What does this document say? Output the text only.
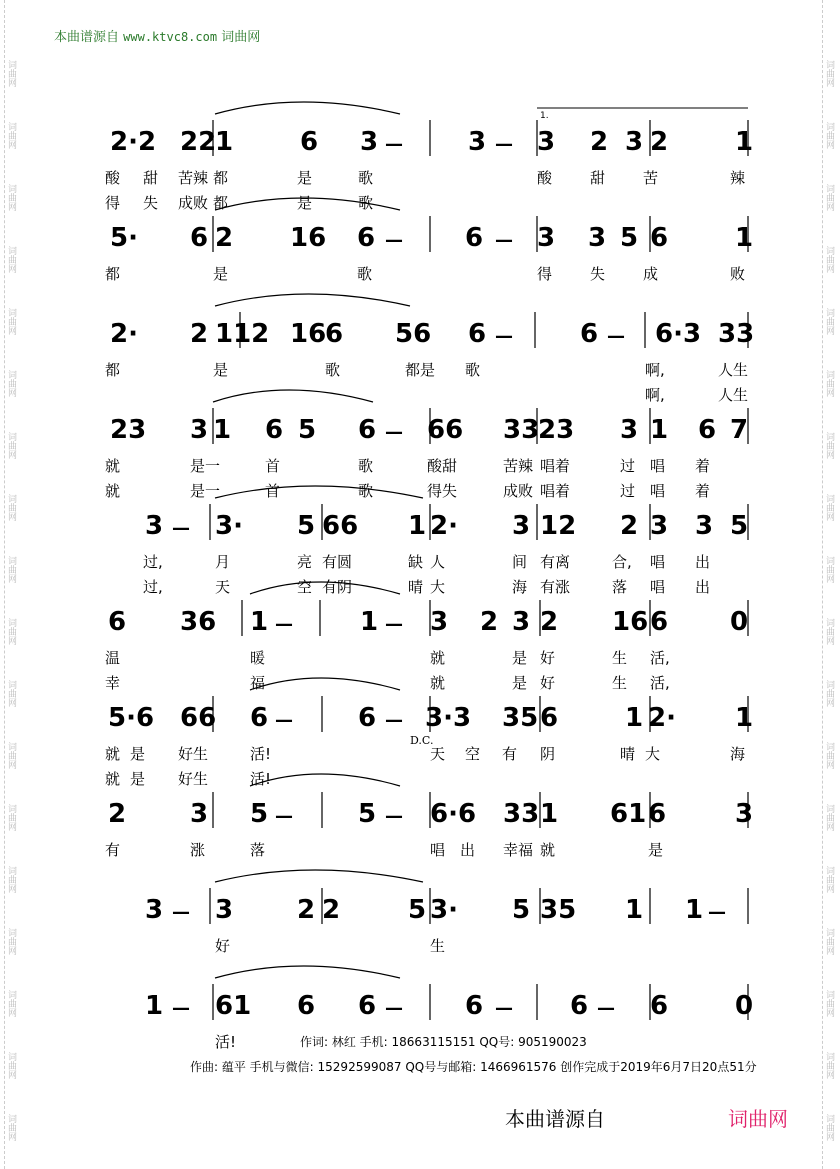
词曲网
词曲网
词曲网
词曲网
词曲网
词曲网
词曲网
词曲网
词曲网
词曲网
词曲网
词曲网
词曲网
词曲网
词曲网
词曲网
词曲网
词曲网
词曲网
词曲网
词曲网
词曲网
词曲网
词曲网
词曲网
词曲网
词曲网
词曲网
词曲网
词曲网
词曲网
词曲网
词曲网
词曲网
词曲网
词曲网
本曲谱源自 www.ktvc8.com 词曲网
2·2 22
1	6 3 —	3 — 3 2 3 2	1
酸 甜 苦辣 都	是	歌	酸	甜	苦	辣
得 失 成败 都	是	歌
5· 6 2 16 6 — 6 — 3 3 5 6	1
都	是	歌	得	失	成	败
2· 2 112 16
6 56 6 —	6 — 6·3 33
都	是	歌	都是 歌	啊,	人生
啊,	人生
23 3 1 6 5 6 — 66 33
23 3 1 6 7
就	是一	首	歌	酸甜	苦辣 唱着	过 唱 着
就	是一	首	歌	得失	成败 唱着	过 唱 着
3 — 3· 5 66 1 2· 3 12 2 3 3 5
过,	月	亮 有圆	缺 人	间 有离	合, 唱 出
过,	天	空 有阴	晴 大	海 有涨	落 唱 出
6 36 1 —	1 — 3 2 3 2 16 6 0
温	暖	就	是 好	生 活,
幸	福	就	是 好	生 活,
5·6 66 6 —	6 — 3·3 35 6	1 2· 1
就 是 好生	活!	天 空 有 阴	晴 大	海
就 是 好生	活!
D.C.
2 3 5 —	5 — 6·6 33 1 61 6	3
有	涨	落	唱 出 幸福 就	是
3 — 3 2 2	5 3· 5 35 1 1 —
好	生
1 — 61 6 6 — 6 — 6 — 6	0
活!
1.
作词: 林红 手机: 18663115151 QQ号: 905190023
作曲: 蕴平 手机与微信: 15292599087 QQ号与邮箱: 1466961576 创作完成于2019年6月7日20点51分
本曲谱源自	词曲网
